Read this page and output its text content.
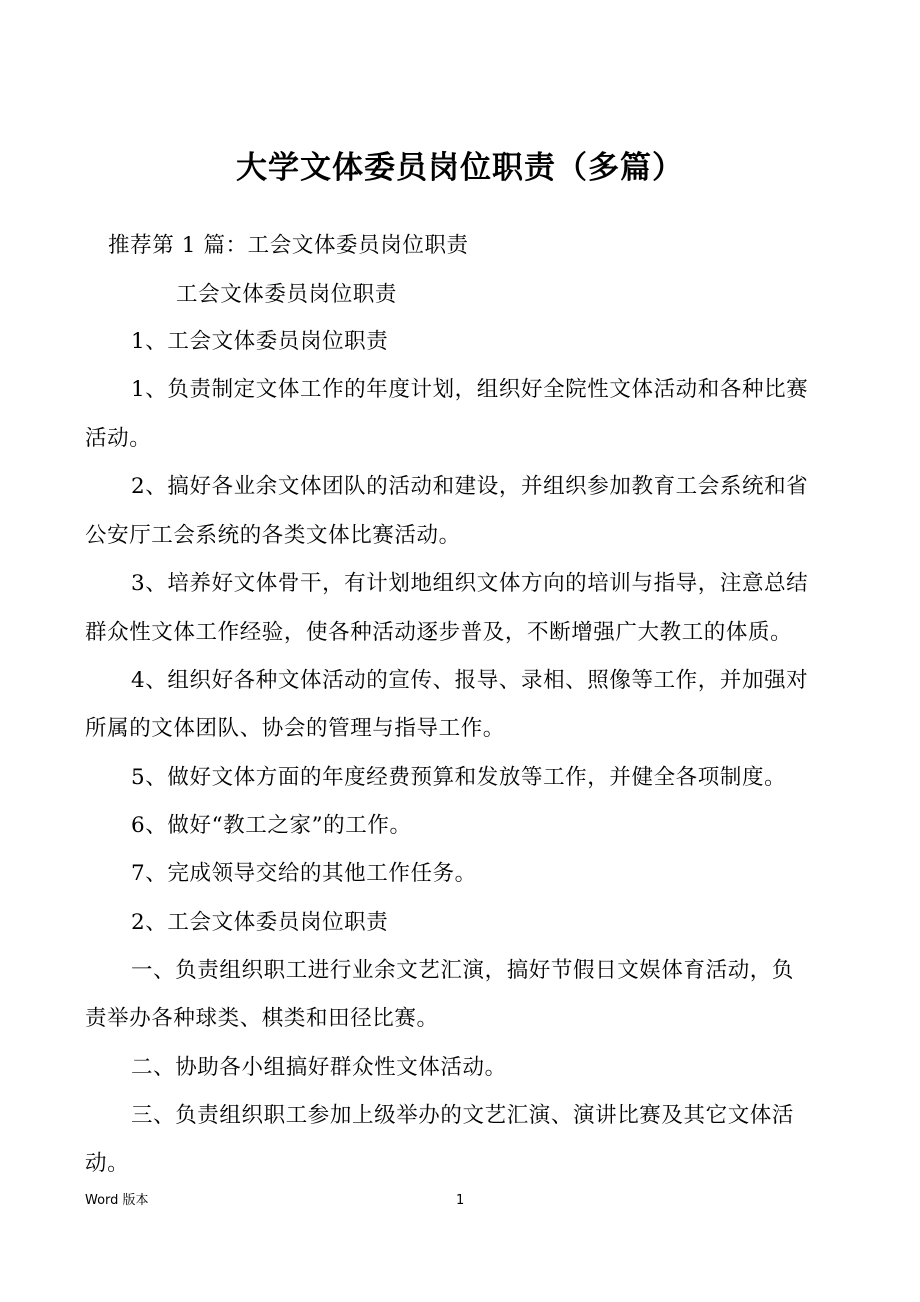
大学文体委员岗位职责（多篇）
推荐第 1 篇：工会文体委员岗位职责
工会文体委员岗位职责
1、工会文体委员岗位职责
1、负责制定文体工作的年度计划，组织好全院性文体活动和各种比赛
活动。
2、搞好各业余文体团队的活动和建设，并组织参加教育工会系统和省
公安厅工会系统的各类文体比赛活动。
3、培养好文体骨干，有计划地组织文体方向的培训与指导，注意总结
群众性文体工作经验，使各种活动逐步普及，不断增强广大教工的体质。
4、组织好各种文体活动的宣传、报导、录相、照像等工作，并加强对
所属的文体团队、协会的管理与指导工作。
5、做好文体方面的年度经费预算和发放等工作，并健全各项制度。
6、做好“教工之家”的工作。
7、完成领导交给的其他工作任务。
2、工会文体委员岗位职责
一、负责组织职工进行业余文艺汇演，搞好节假日文娱体育活动，负
责举办各种球类、棋类和田径比赛。
二、协助各小组搞好群众性文体活动。
三、负责组织职工参加上级举办的文艺汇演、演讲比赛及其它文体活
动。
Word 版本	1
